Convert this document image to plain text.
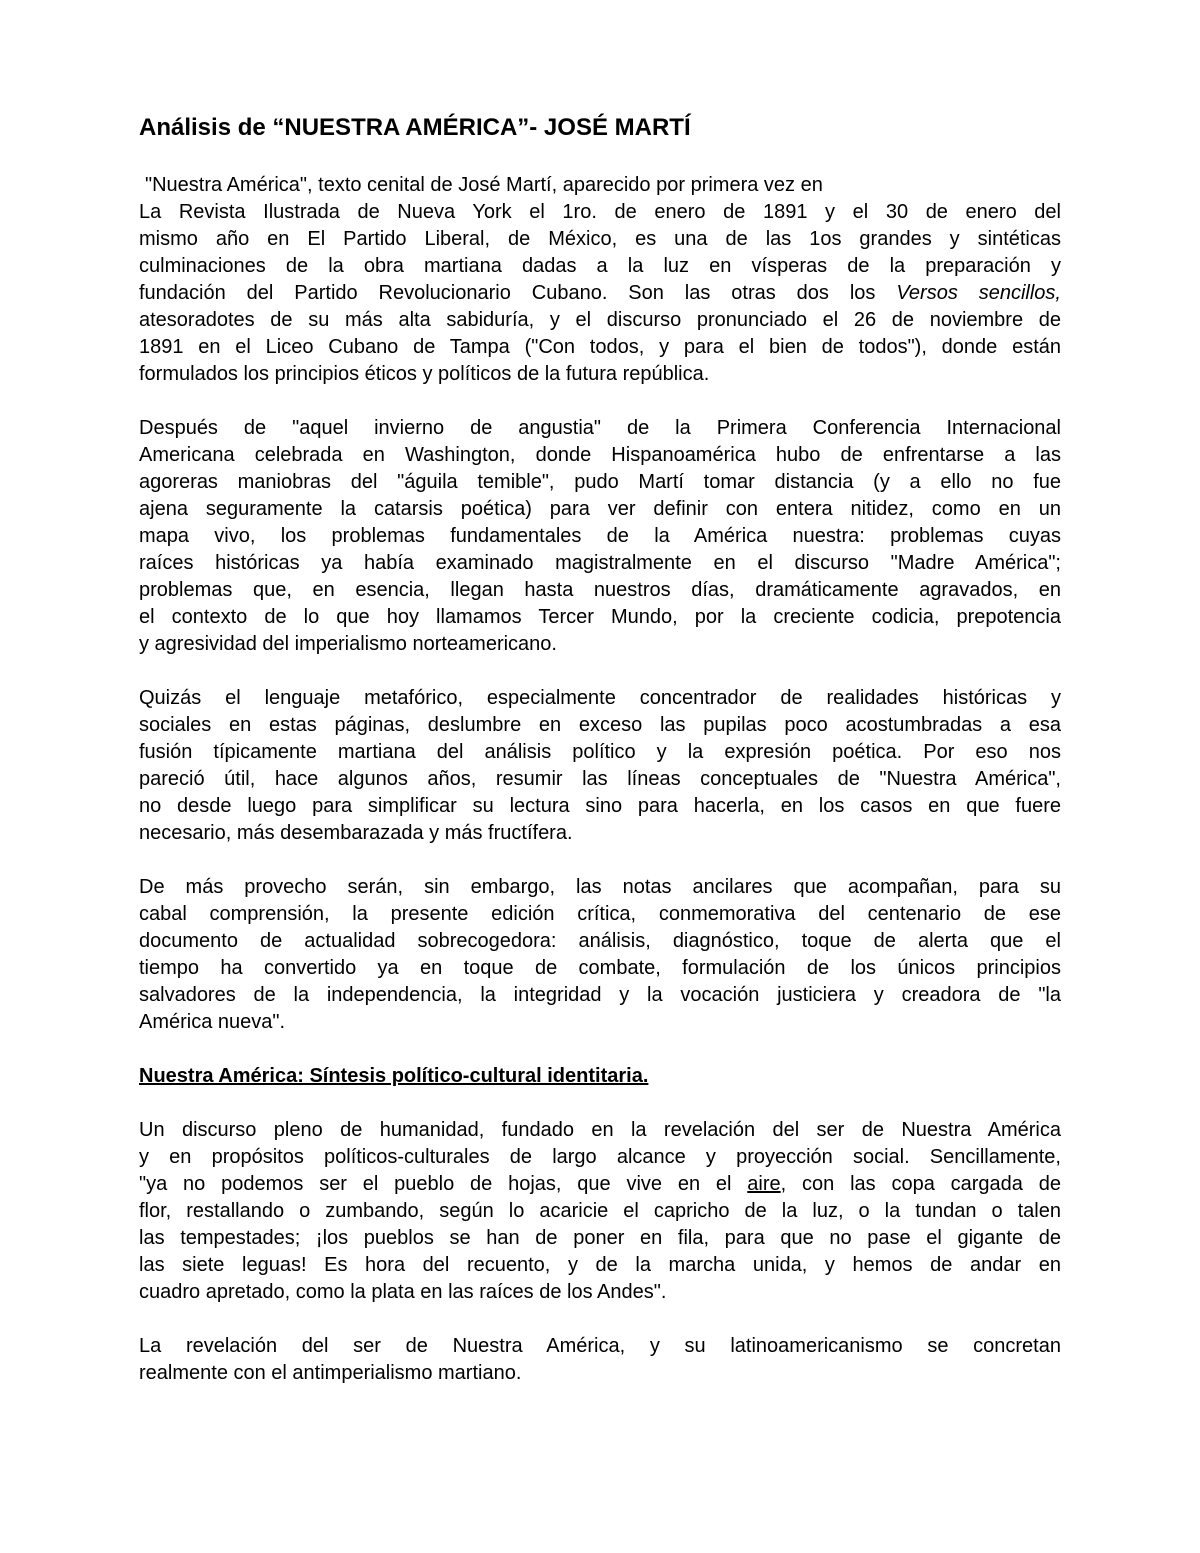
Análisis de “NUESTRA AMÉRICA”- JOSÉ MARTÍ
"Nuestra América", texto cenital de José Martí, aparecido por primera vez en
La Revista Ilustrada de Nueva York el 1ro. de enero de 1891 y el 30 de enero del
mismo año en El Partido Liberal, de México, es una de las 1os grandes y sintéticas
culminaciones de la obra martiana dadas a la luz en vísperas de la preparación y
fundación del Partido Revolucionario Cubano. Son las otras dos los Versos sencillos,
atesoradotes de su más alta sabiduría, y el discurso pronunciado el 26 de noviembre de
1891 en el Liceo Cubano de Tampa ("Con todos, y para el bien de todos"), donde están
formulados los principios éticos y políticos de la futura república.
Después de "aquel invierno de angustia" de la Primera Conferencia Internacional
Americana celebrada en Washington, donde Hispanoamérica hubo de enfrentarse a las
agoreras maniobras del "águila temible", pudo Martí tomar distancia (y a ello no fue
ajena seguramente la catarsis poética) para ver definir con entera nitidez, como en un
mapa vivo, los problemas fundamentales de la América nuestra: problemas cuyas
raíces históricas ya había examinado magistralmente en el discurso "Madre América";
problemas que, en esencia, llegan hasta nuestros días, dramáticamente agravados, en
el contexto de lo que hoy llamamos Tercer Mundo, por la creciente codicia, prepotencia
y agresividad del imperialismo norteamericano.
Quizás el lenguaje metafórico, especialmente concentrador de realidades históricas y
sociales en estas páginas, deslumbre en exceso las pupilas poco acostumbradas a esa
fusión típicamente martiana del análisis político y la expresión poética. Por eso nos
pareció útil, hace algunos años, resumir las líneas conceptuales de "Nuestra América",
no desde luego para simplificar su lectura sino para hacerla, en los casos en que fuere
necesario, más desembarazada y más fructífera.
De más provecho serán, sin embargo, las notas ancilares que acompañan, para su
cabal comprensión, la presente edición crítica, conmemorativa del centenario de ese
documento de actualidad sobrecogedora: análisis, diagnóstico, toque de alerta que el
tiempo ha convertido ya en toque de combate, formulación de los únicos principios
salvadores de la independencia, la integridad y la vocación justiciera y creadora de "la
América nueva".
Nuestra América: Síntesis político-cultural identitaria.
Un discurso pleno de humanidad, fundado en la revelación del ser de Nuestra América
y en propósitos políticos-culturales de largo alcance y proyección social. Sencillamente,
"ya no podemos ser el pueblo de hojas, que vive en el aire, con las copa cargada de
flor, restallando o zumbando, según lo acaricie el capricho de la luz, o la tundan o talen
las tempestades; ¡los pueblos se han de poner en fila, para que no pase el gigante de
las siete leguas! Es hora del recuento, y de la marcha unida, y hemos de andar en
cuadro apretado, como la plata en las raíces de los Andes".
La revelación del ser de Nuestra América, y su latinoamericanismo se concretan
realmente con el antimperialismo martiano.
